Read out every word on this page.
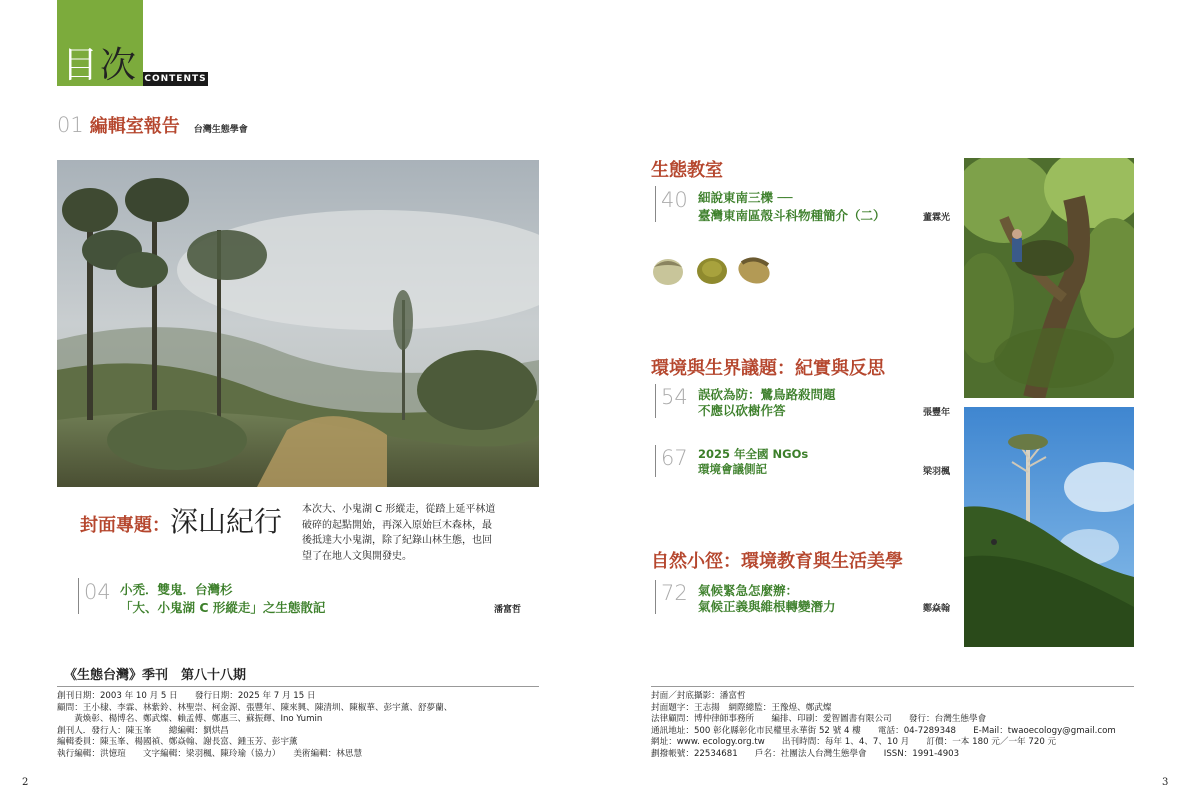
目次 CONTENTS
01 編輯室報告 台灣生態學會
封面專題： 深山紀行 本次大、小鬼湖 C 形縱走，從踏上延平林道
破碎的起點開始，再深入原始巨木森林，最
後抵達大小鬼湖，除了紀錄山林生態，也回
望了在地人文與開發史。
04 小禿．雙鬼．台灣杉
「大、小鬼湖 C 形縱走」之生態散記	潘富哲
生態教室
40 細說東南三櫟 ──
臺灣東南區殼斗科物種簡介（二）	董霖光
環境與生界議題：紀實與反思
54 誤砍為防：鷺鳥路殺問題
不應以砍樹作答	張豐年
67 2025 年全國 NGOs
環境會議側記	梁羽楓
自然小徑：環境教育與生活美學
72 氣候緊急怎麼辦：
氣候正義與維根轉變潛力	鄭焱翰
《生態台灣》季刊　第八十八期
創刊日期：2003 年 10 月 5 日　　發行日期：2025 年 7 月 15 日
顧問：王小棣、李霖、林紫鈴、林聖崇、柯金源、張豐年、陳來興、陳清圳、陳椒華、彭宇薰、舒夢蘭、
　　黃煥彰、楊博名、鄭武燦、賴孟傅、鄭惠三、蘇振輝、Ino Yumin
創刊人．發行人：陳玉峯　　總編輯：劉烘昌
編輯委員：陳玉峯、楊國禎、鄭焱翰、謝長富、鍾玉芳、彭宇薰
執行編輯：洪憶瑄　　文字編輯：梁羽楓、陳玲瑜（協力）　　美術編輯：林思慧
封面／封底攝影：潘富哲
封面題字：王志揚　網際總監：王豫煌、鄭武燦
法律顧問：博仲律師事務所　　編排、印刷：愛智圖書有限公司　　發行：台灣生態學會
通訊地址：500 彰化縣彰化市民權里永華街 52 號 4 樓　　電話：04-7289348　　E-Mail：twaoecology@gmail.com
網址：www. ecology.org.tw　　出刊時間：每年 1、4、7、10 月　　訂價：一本 180 元／一年 720 元
劃撥帳號：22534681　　戶名：社團法人台灣生態學會　　ISSN：1991-4903
2	3
